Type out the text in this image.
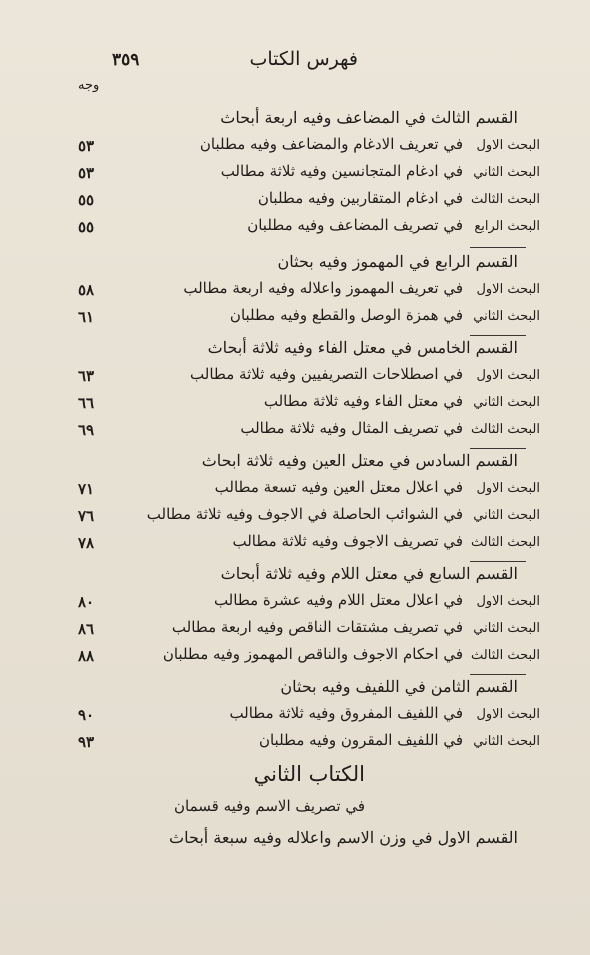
٣٥٩	فهرس الكتاب
وجه
القسم الثالث في المضاعف وفيه اربعة أبحاث
البحث الاول
في تعريف الادغام والمضاعف وفيه مطلبان
٥٣
البحث الثاني
في ادغام المتجانسين وفيه ثلاثة مطالب
٥٣
البحث الثالث
في ادغام المتقاربين وفيه مطلبان
٥٥
البحث الرابع
في تصريف المضاعف وفيه مطلبان
٥٥
القسم الرابع في المهموز وفيه بحثان
البحث الاول
في تعريف المهموز واعلاله وفيه اربعة مطالب
٥٨
البحث الثاني
في همزة الوصل والقطع وفيه مطلبان
٦١
القسم الخامس في معتل الفاء وفيه ثلاثة أبحاث
البحث الاول
في اصطلاحات التصريفيين وفيه ثلاثة مطالب
٦٣
البحث الثاني
في معتل الفاء وفيه ثلاثة مطالب
٦٦
البحث الثالث
في تصريف المثال وفيه ثلاثة مطالب
٦٩
القسم السادس في معتل العين وفيه ثلاثة ابحاث
البحث الاول
في اعلال معتل العين وفيه تسعة مطالب
٧١
البحث الثاني
في الشوائب الحاصلة في الاجوف وفيه ثلاثة مطالب
٧٦
البحث الثالث
في تصريف الاجوف وفيه ثلاثة مطالب
٧٨
القسم السابع في معتل اللام وفيه ثلاثة أبحاث
البحث الاول
في اعلال معتل اللام وفيه عشرة مطالب
٨٠
البحث الثاني
في تصريف مشتقات الناقص وفيه اربعة مطالب
٨٦
البحث الثالث
في احكام الاجوف والناقص المهموز وفيه مطلبان
٨٨
القسم الثامن في اللفيف وفيه بحثان
البحث الاول
في اللفيف المفروق وفيه ثلاثة مطالب
٩٠
البحث الثاني
في اللفيف المقرون وفيه مطلبان
٩٣
الكتاب الثاني
في تصريف الاسم وفيه قسمان
القسم الاول في وزن الاسم واعلاله وفيه سبعة أبحاث
